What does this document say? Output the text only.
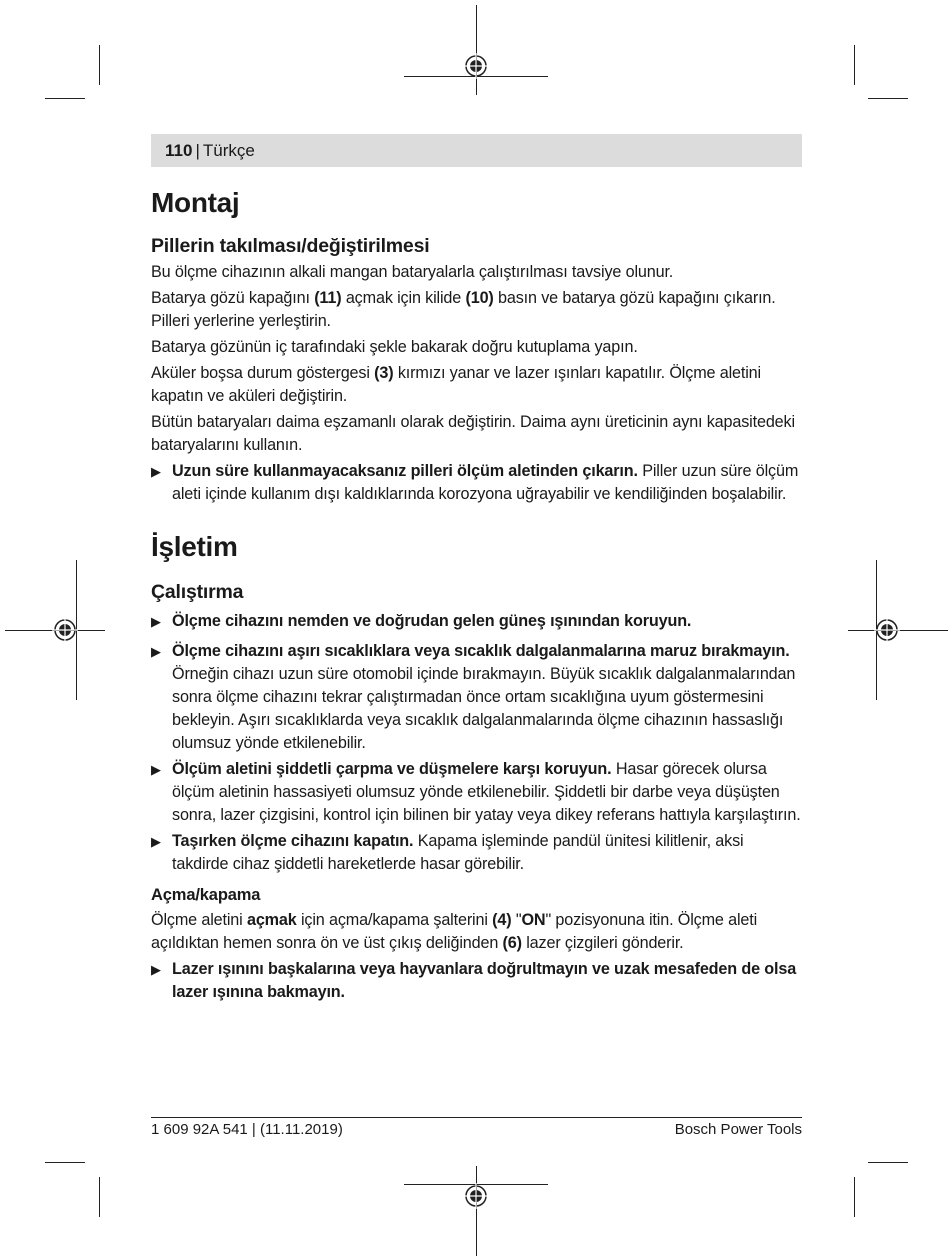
110 | Türkçe
Montaj
Pillerin takılması/değiştirilmesi

Bu ölçme cihazının alkali mangan bataryalarla çalıştırılması tavsiye olunur.

Batarya gözü kapağını (11) açmak için kilide (10) basın ve batarya gözü kapağını çıkarın.
Pilleri yerlerine yerleştirin.

Batarya gözünün iç tarafındaki şekle bakarak doğru kutuplama yapın.

Aküler boşsa durum göstergesi (3) kırmızı yanar ve lazer ışınları kapatılır. Ölçme aletini kapatın ve aküleri değiştirin.

Bütün bataryaları daima eşzamanlı olarak değiştirin. Daima aynı üreticinin aynı kapasitedeki bataryalarını kullanın.

▶ Uzun süre kullanmayacaksanız pilleri ölçüm aletinden çıkarın. Piller uzun süre ölçüm aleti içinde kullanım dışı kaldıklarında korozyona uğrayabilir ve kendiliğinden boşalabilir.
İşletim
Çalıştırma
▶ Ölçme cihazını nemden ve doğrudan gelen güneş ışınından koruyun.
▶ Ölçme cihazını aşırı sıcaklıklara veya sıcaklık dalgalanmalarına maruz bırakmayın. Örneğin cihazı uzun süre otomobil içinde bırakmayın. Büyük sıcaklık dalgalanmalarından sonra ölçme cihazını tekrar çalıştırmadan önce ortam sıcaklığına uyum göstermesini bekleyin. Aşırı sıcaklıklarda veya sıcaklık dalgalanmalarında ölçme cihazının hassaslığı olumsuz yönde etkilenebilir.
▶ Ölçüm aletini şiddetli çarpma ve düşmelere karşı koruyun. Hasar görecek olursa ölçüm aletinin hassasiyeti olumsuz yönde etkilenebilir. Şiddetli bir darbe veya düşüşten sonra, lazer çizgisini, kontrol için bilinen bir yatay veya dikey referans hattıyla karşılaştırın.
▶ Taşırken ölçme cihazını kapatın. Kapama işleminde pandül ünitesi kilitlenir, aksi takdirde cihaz şiddetli hareketlerde hasar görebilir.
Açma/kapama

Ölçme aletini açmak için açma/kapama şalterini (4) "ON" pozisyonuna itin. Ölçme aleti açıldıktan hemen sonra ön ve üst çıkış deliğinden (6) lazer çizgileri gönderir.

▶ Lazer ışınını başkalarına veya hayvanlara doğrultmayın ve uzak mesafeden de olsa lazer ışınına bakmayın.
1 609 92A 541 | (11.11.2019)	Bosch Power Tools
